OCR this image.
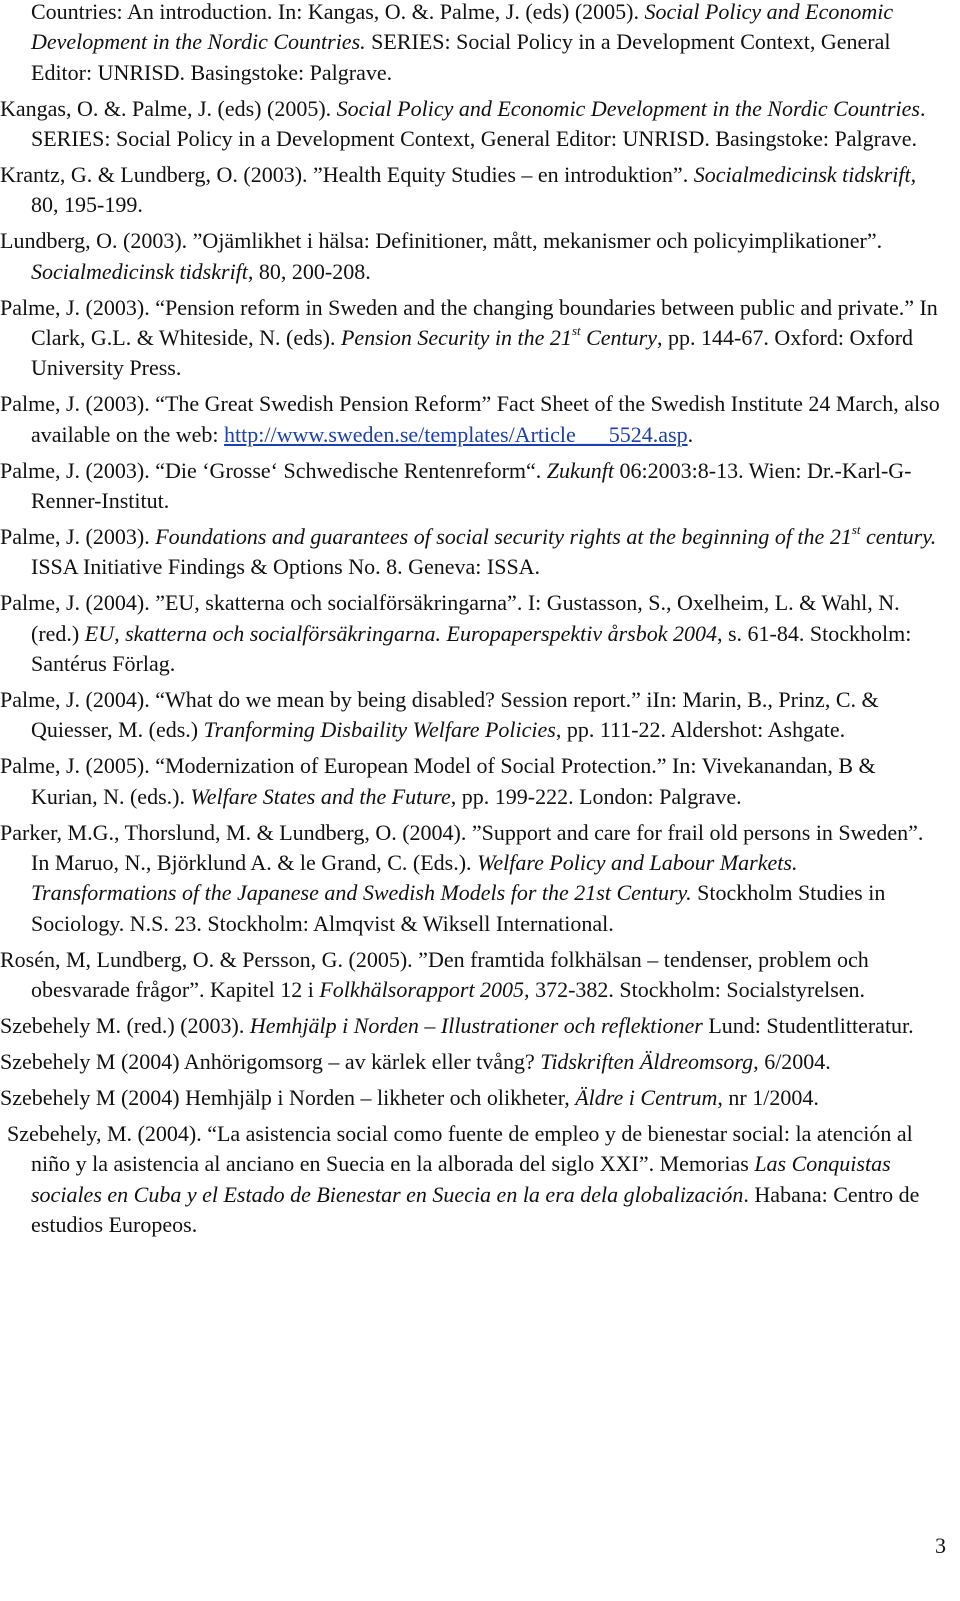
Countries: An introduction. In: Kangas, O. &. Palme, J. (eds) (2005). Social Policy and Economic Development in the Nordic Countries. SERIES: Social Policy in a Development Context, General Editor: UNRISD. Basingstoke: Palgrave.

Kangas, O. &. Palme, J. (eds) (2005). Social Policy and Economic Development in the Nordic Countries. SERIES: Social Policy in a Development Context, General Editor: UNRISD. Basingstoke: Palgrave.

Krantz, G. & Lundberg, O. (2003). ”Health Equity Studies – en introduktion”. Socialmedicinsk tidskrift, 80, 195-199.

Lundberg, O. (2003). ”Ojämlikhet i hälsa: Definitioner, mått, mekanismer och policyimplikationer”. Socialmedicinsk tidskrift, 80, 200-208.

Palme, J. (2003). “Pension reform in Sweden and the changing boundaries between public and private.” In Clark, G.L. & Whiteside, N. (eds). Pension Security in the 21st Century, pp. 144-67. Oxford: Oxford University Press.

Palme, J. (2003). “The Great Swedish Pension Reform” Fact Sheet of the Swedish Institute 24 March, also available on the web: http://www.sweden.se/templates/Article___5524.asp.

Palme, J. (2003). “Die ‘Grosse‘ Schwedische Rentenreform“. Zukunft 06:2003:8-13. Wien: Dr.-Karl-G-Renner-Institut.

Palme, J. (2003). Foundations and guarantees of social security rights at the beginning of the 21st century. ISSA Initiative Findings & Options No. 8. Geneva: ISSA.

Palme, J. (2004). ”EU, skatterna och socialförsäkringarna”. I: Gustasson, S., Oxelheim, L. & Wahl, N. (red.) EU, skatterna och socialförsäkringarna. Europaperspektiv årsbok 2004, s. 61-84. Stockholm: Santérus Förlag.

Palme, J. (2004). “What do we mean by being disabled? Session report.” iIn: Marin, B., Prinz, C. & Quiesser, M. (eds.) Tranforming Disbaility Welfare Policies, pp. 111-22. Aldershot: Ashgate.

Palme, J. (2005). “Modernization of European Model of Social Protection.” In: Vivekanandan, B & Kurian, N. (eds.). Welfare States and the Future, pp. 199-222. London: Palgrave.

Parker, M.G., Thorslund, M. & Lundberg, O. (2004). ”Support and care for frail old persons in Sweden”. In Maruo, N., Björklund A. & le Grand, C. (Eds.). Welfare Policy and Labour Markets. Transformations of the Japanese and Swedish Models for the 21st Century. Stockholm Studies in Sociology. N.S. 23. Stockholm: Almqvist & Wiksell International.

Rosén, M, Lundberg, O. & Persson, G. (2005). ”Den framtida folkhälsan – tendenser, problem och obesvarade frågor”. Kapitel 12 i Folkhälsorapport 2005, 372-382. Stockholm: Socialstyrelsen.

Szebehely M. (red.) (2003). Hemhjälp i Norden – Illustrationer och reflektioner Lund: Studentlitteratur.

Szebehely M (2004) Anhörigomsorg – av kärlek eller tvång? Tidskriften Äldreomsorg, 6/2004.

Szebehely M (2004) Hemhjälp i Norden – likheter och olikheter, Äldre i Centrum, nr 1/2004.

Szebehely, M. (2004). “La asistencia social como fuente de empleo y de bienestar social: la atención al niño y la asistencia al anciano en Suecia en la alborada del siglo XXI”. Memorias Las Conquistas sociales en Cuba y el Estado de Bienestar en Suecia en la era dela globalización. Habana: Centro de estudios Europeos.

3
